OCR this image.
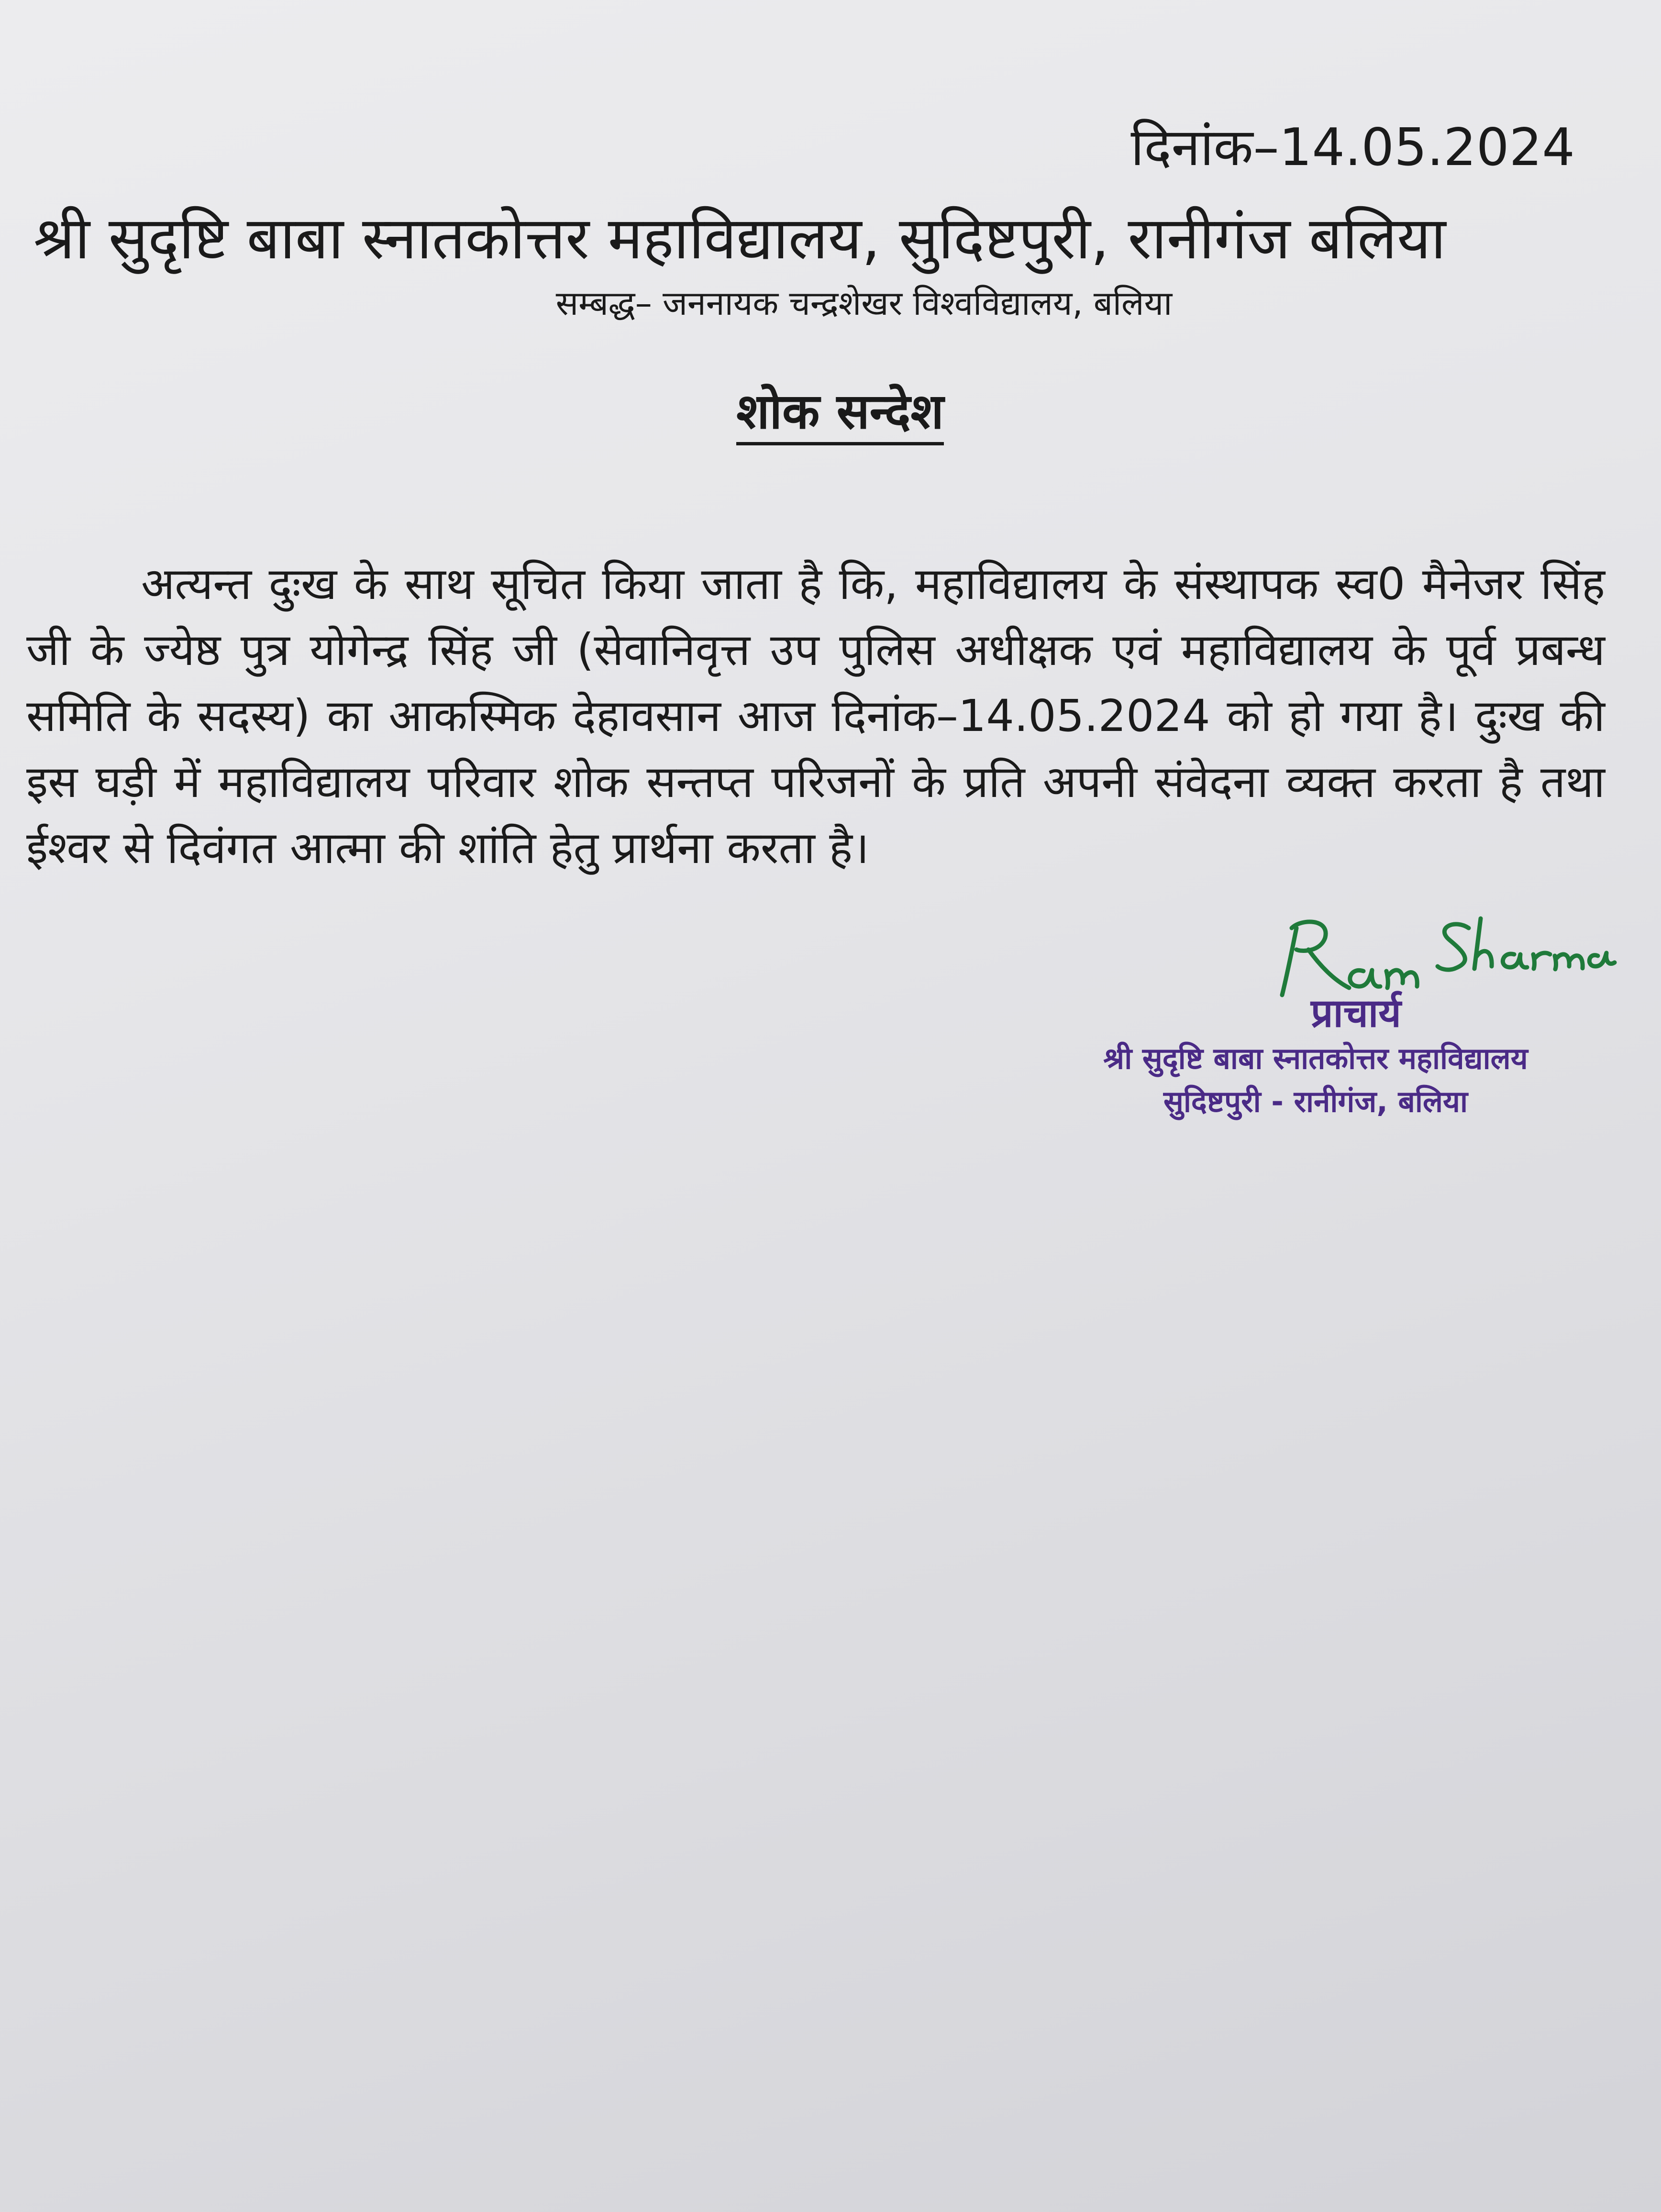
दिनांक–14.05.2024
श्री सुदृष्टि बाबा स्नातकोत्तर महाविद्यालय, सुदिष्टपुरी, रानीगंज बलिया
सम्बद्ध– जननायक चन्द्रशेखर विश्वविद्यालय, बलिया
शोक सन्देश

अत्यन्त दुःख के साथ सूचित किया जाता है कि, महाविद्यालय के संस्थापक स्व0 मैनेजर सिंह जी के ज्येष्ठ पुत्र योगेन्द्र सिंह जी (सेवानिवृत्त उप पुलिस अधीक्षक एवं महाविद्यालय के पूर्व प्रबन्ध समिति के सदस्य) का आकस्मिक देहावसान आज दिनांक–14.05.2024 को हो गया है। दुःख की इस घड़ी में महाविद्यालय परिवार शोक सन्तप्त परिजनों के प्रति अपनी संवेदना व्यक्त करता है तथा ईश्वर से दिवंगत आत्मा की शांति हेतु प्रार्थना करता है।

प्राचार्य
श्री सुदृष्टि बाबा स्नातकोत्तर महाविद्यालय
सुदिष्टपुरी - रानीगंज, बलिया
